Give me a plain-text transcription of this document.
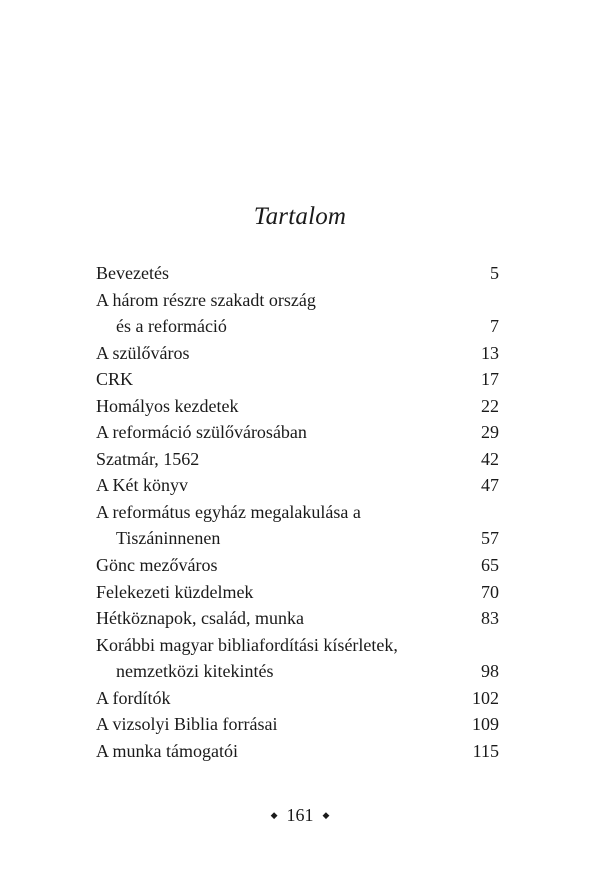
Tartalom
Bevezetés	5
A három részre szakadt ország
és a reformáció	7
A szülőváros	13
CRK	17
Homályos kezdetek	22
A reformáció szülővárosában	29
Szatmár, 1562	42
A Két könyv	47
A református egyház megalakulása a
Tiszáninnenen	57
Gönc mezőváros	65
Felekezeti küzdelmek	70
Hétköznapok, család, munka	83
Korábbi magyar bibliafordítási kísérletek,
nemzetközi kitekintés	98
A fordítók	102
A vizsolyi Biblia forrásai	109
A munka támogatói	115
◆ 161 ◆
